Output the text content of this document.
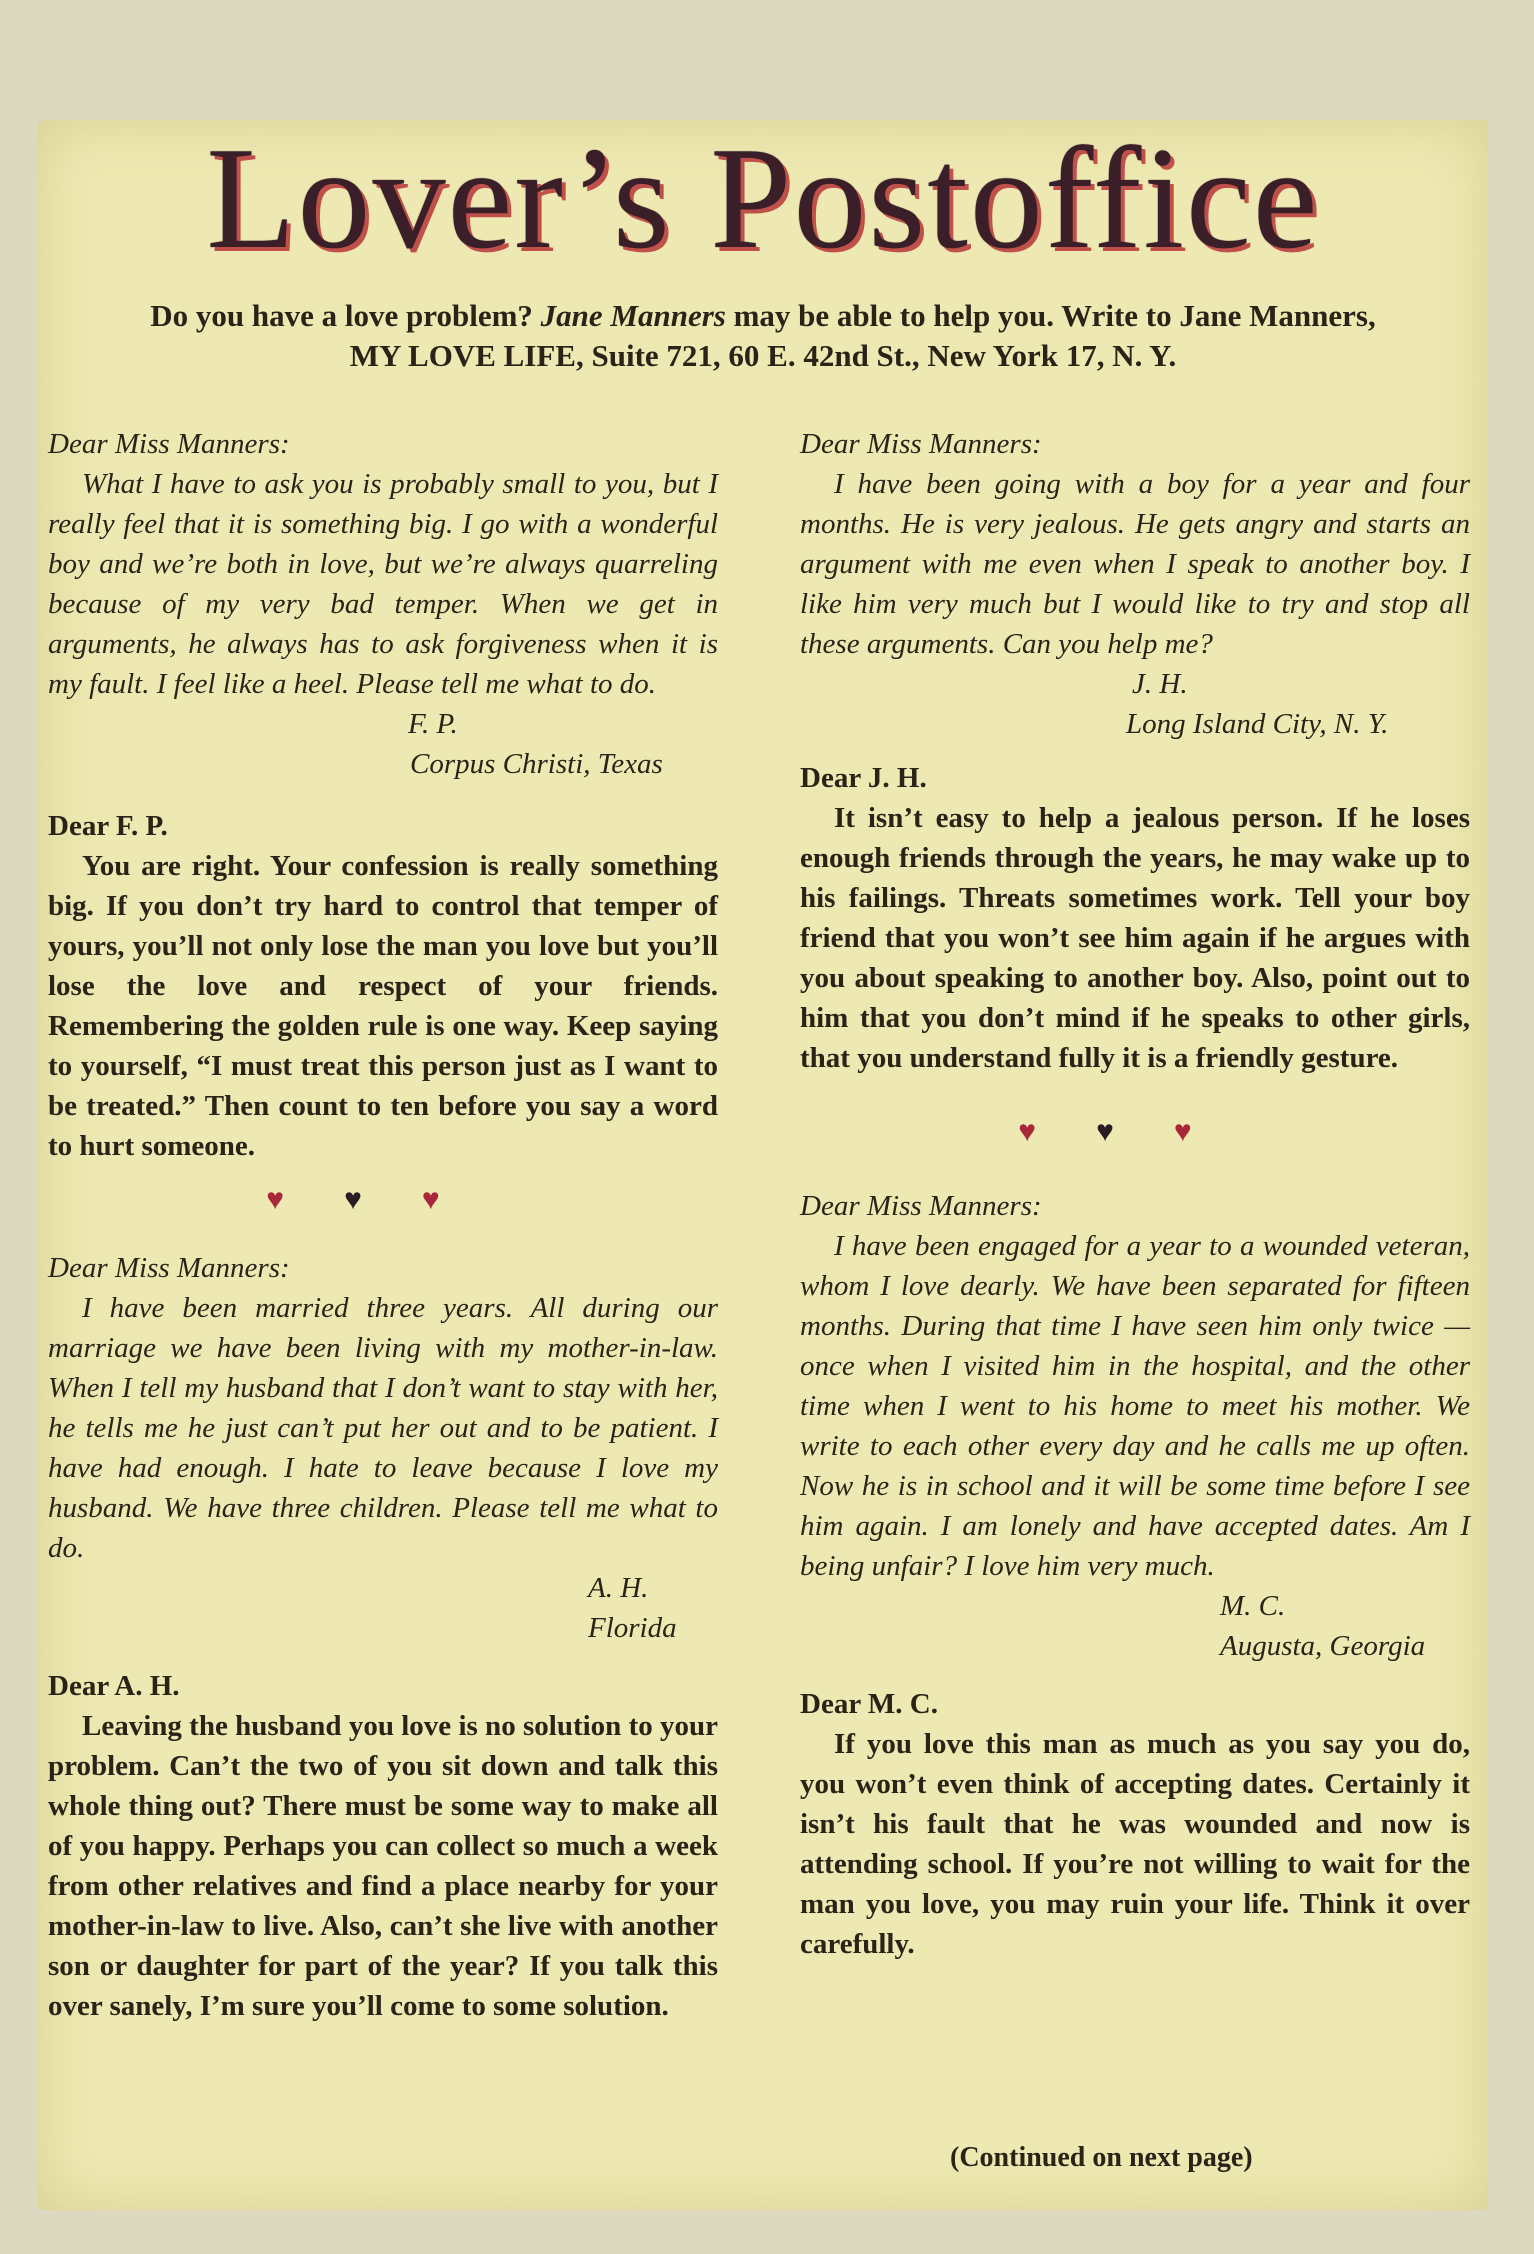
Lover’s Postoffice
Do you have a love problem? Jane Manners may be able to help you. Write to Jane Manners,
MY LOVE LIFE, Suite 721, 60 E. 42nd St., New York 17, N. Y.

Dear Miss Manners:

What I have to ask you is probably small to you, but I really feel that it is something big. I go with a wonderful boy and we’re both in love, but we’re always quarreling because of my very bad temper. When we get in arguments, he always has to ask forgiveness when it is my fault. I feel like a heel. Please tell me what to do.

F. P.

Corpus Christi, Texas

Dear F. P.

You are right. Your confession is really something big. If you don’t try hard to control that temper of yours, you’ll not only lose the man you love but you’ll lose the love and respect of your friends. Remembering the golden rule is one way. Keep saying to yourself, “I must treat this person just as I want to be treated.” Then count to ten before you say a word to hurt someone.

♥♥♥

Dear Miss Manners:

I have been married three years. All during our marriage we have been living with my mother-in-law. When I tell my husband that I don’t want to stay with her, he tells me he just can’t put her out and to be patient. I have had enough. I hate to leave because I love my husband. We have three children. Please tell me what to do.

A. H.

Florida

Dear A. H.

Leaving the husband you love is no solution to your problem. Can’t the two of you sit down and talk this whole thing out? There must be some way to make all of you happy. Perhaps you can collect so much a week from other relatives and find a place nearby for your mother-in-law to live. Also, can’t she live with another son or daughter for part of the year? If you talk this over sanely, I’m sure you’ll come to some solution.

Dear Miss Manners:

I have been going with a boy for a year and four months. He is very jealous. He gets angry and starts an argument with me even when I speak to another boy. I like him very much but I would like to try and stop all these arguments. Can you help me?

J. H.

Long Island City, N. Y.

Dear J. H.

It isn’t easy to help a jealous person. If he loses enough friends through the years, he may wake up to his failings. Threats sometimes work. Tell your boy friend that you won’t see him again if he argues with you about speaking to another boy. Also, point out to him that you don’t mind if he speaks to other girls, that you understand fully it is a friendly gesture.

♥♥♥

Dear Miss Manners:

I have been engaged for a year to a wounded veteran, whom I love dearly. We have been separated for fifteen months. During that time I have seen him only twice — once when I visited him in the hospital, and the other time when I went to his home to meet his mother. We write to each other every day and he calls me up often. Now he is in school and it will be some time before I see him again. I am lonely and have accepted dates. Am I being unfair? I love him very much.

M. C.

Augusta, Georgia

Dear M. C.

If you love this man as much as you say you do, you won’t even think of accepting dates. Certainly it isn’t his fault that he was wounded and now is attending school. If you’re not willing to wait for the man you love, you may ruin your life. Think it over carefully.

(Continued on next page)
